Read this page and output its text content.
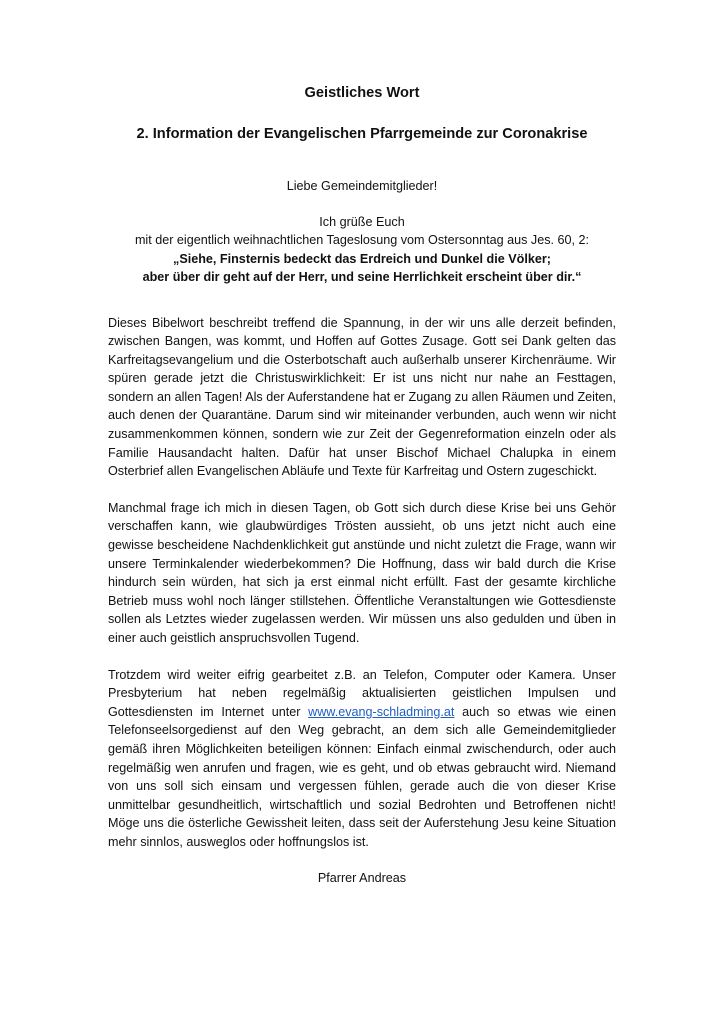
Geistliches Wort
2. Information der Evangelischen Pfarrgemeinde zur Coronakrise
Liebe Gemeindemitglieder!
Ich grüße Euch
mit der eigentlich weihnachtlichen Tageslosung vom Ostersonntag aus Jes. 60, 2:
„Siehe, Finsternis bedeckt das Erdreich und Dunkel die Völker;
aber über dir geht auf der Herr, und seine Herrlichkeit erscheint über dir.“

Dieses Bibelwort beschreibt treffend die Spannung, in der wir uns alle derzeit befinden, zwischen Bangen, was kommt, und Hoffen auf Gottes Zusage. Gott sei Dank gelten das Karfreitagsevangelium und die Osterbotschaft auch außerhalb unserer Kirchenräume. Wir spüren gerade jetzt die Christuswirklichkeit: Er ist uns nicht nur nahe an Festtagen, sondern an allen Tagen! Als der Auferstandene hat er Zugang zu allen Räumen und Zeiten, auch denen der Quarantäne. Darum sind wir miteinander verbunden, auch wenn wir nicht zusammenkommen können, sondern wie zur Zeit der Gegenreformation einzeln oder als Familie Hausandacht halten. Dafür hat unser Bischof Michael Chalupka in einem Osterbrief allen Evangelischen Abläufe und Texte für Karfreitag und Ostern zugeschickt.

Manchmal frage ich mich in diesen Tagen, ob Gott sich durch diese Krise bei uns Gehör verschaffen kann, wie glaubwürdiges Trösten aussieht, ob uns jetzt nicht auch eine gewisse bescheidene Nachdenklichkeit gut anstünde und nicht zuletzt die Frage, wann wir unsere Terminkalender wiederbekommen? Die Hoffnung, dass wir bald durch die Krise hindurch sein würden, hat sich ja erst einmal nicht erfüllt. Fast der gesamte kirchliche Betrieb muss wohl noch länger stillstehen. Öffentliche Veranstaltungen wie Gottesdienste sollen als Letztes wieder zugelassen werden. Wir müssen uns also gedulden und üben in einer auch geistlich anspruchsvollen Tugend.

Trotzdem wird weiter eifrig gearbeitet z.B. an Telefon, Computer oder Kamera. Unser Presbyterium hat neben regelmäßig aktualisierten geistlichen Impulsen und Gottesdiensten im Internet unter www.evang-schladming.at auch so etwas wie einen Telefonseelsorgedienst auf den Weg gebracht, an dem sich alle Gemeindemitglieder gemäß ihren Möglichkeiten beteiligen können: Einfach einmal zwischendurch, oder auch regelmäßig wen anrufen und fragen, wie es geht, und ob etwas gebraucht wird. Niemand von uns soll sich einsam und vergessen fühlen, gerade auch die von dieser Krise unmittelbar gesundheitlich, wirtschaftlich und sozial Bedrohten und Betroffenen nicht! Möge uns die österliche Gewissheit leiten, dass seit der Auferstehung Jesu keine Situation mehr sinnlos, ausweglos oder hoffnungslos ist.

Pfarrer Andreas
